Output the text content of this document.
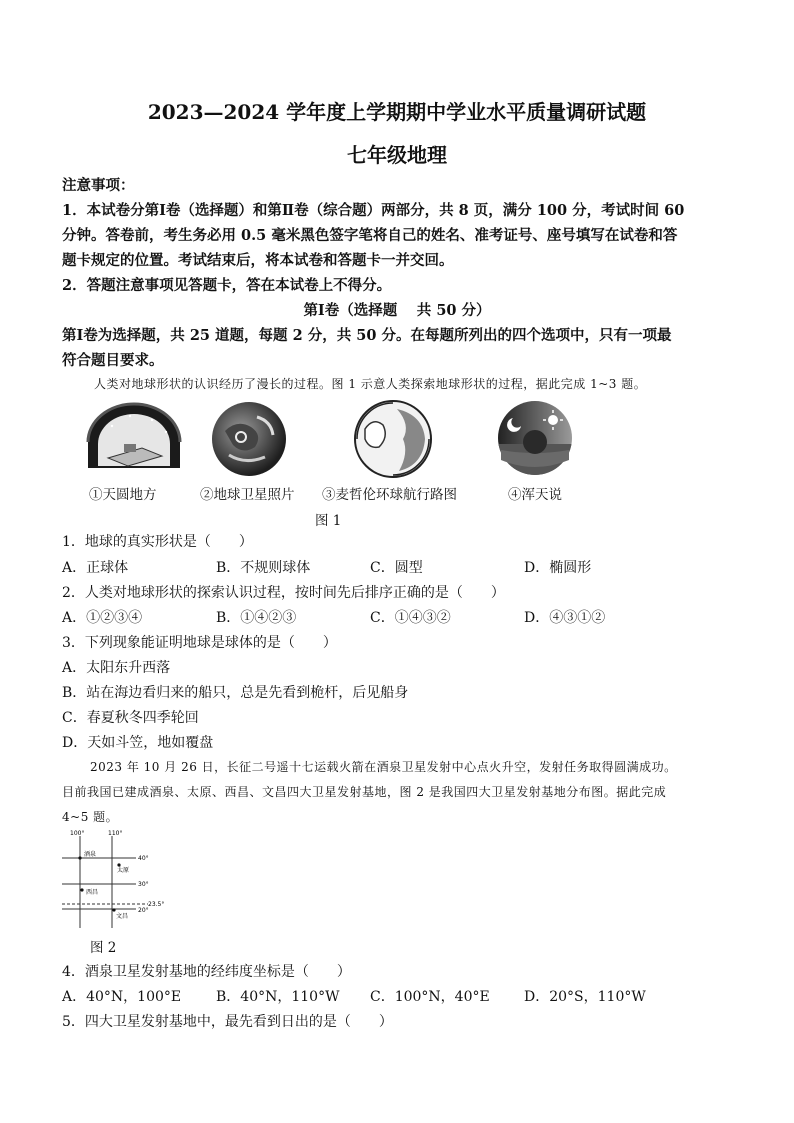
2023—2024 学年度上学期期中学业水平质量调研试题
七年级地理
注意事项：
1．本试卷分第Ⅰ卷（选择题）和第Ⅱ卷（综合题）两部分，共 8 页，满分 100 分，考试时间 60
分钟。答卷前，考生务必用 0.5 毫米黑色签字笔将自己的姓名、准考证号、座号填写在试卷和答
题卡规定的位置。考试结束后，将本试卷和答题卡一并交回。
2．答题注意事项见答题卡，答在本试卷上不得分。
第Ⅰ卷（选择题　 共 50 分）
第Ⅰ卷为选择题，共 25 道题，每题 2 分，共 50 分。在每题所列出的四个选项中，只有一项最
符合题目要求。
人类对地球形状的认识经历了漫长的过程。图 1 示意人类探索地球形状的过程，据此完成 1~3 题。
①天圆地方	②地球卫星照片 ③麦哲伦环球航行路图	④浑天说
图 1
1．地球的真实形状是（　　）
A．正球体	B．不规则球体	C．圆型	D．椭圆形
2．人类对地球形状的探索认识过程，按时间先后排序正确的是（　　）
A．①②③④	B．①④②③	C．①④③②	D．④③①②
3．下列现象能证明地球是球体的是（　　）
A．太阳东升西落
B．站在海边看归来的船只，总是先看到桅杆，后见船身
C．春夏秋冬四季轮回
D．天如斗笠，地如覆盘
2023 年 10 月 26 日，长征二号遥十七运载火箭在酒泉卫星发射中心点火升空，发射任务取得圆满成功。
目前我国已建成酒泉、太原、西昌、文昌四大卫星发射基地，图 2 是我国四大卫星发射基地分布图。据此完成
4~5 题。
100°	110°
40°
30°
23.5°
20°
酒泉
太原
西昌
文昌
图 2
4．酒泉卫星发射基地的经纬度坐标是（　　）
A．40°N，100°E B．40°N，110°W C．100°N，40°E D．20°S，110°W
5．四大卫星发射基地中，最先看到日出的是（　　）
